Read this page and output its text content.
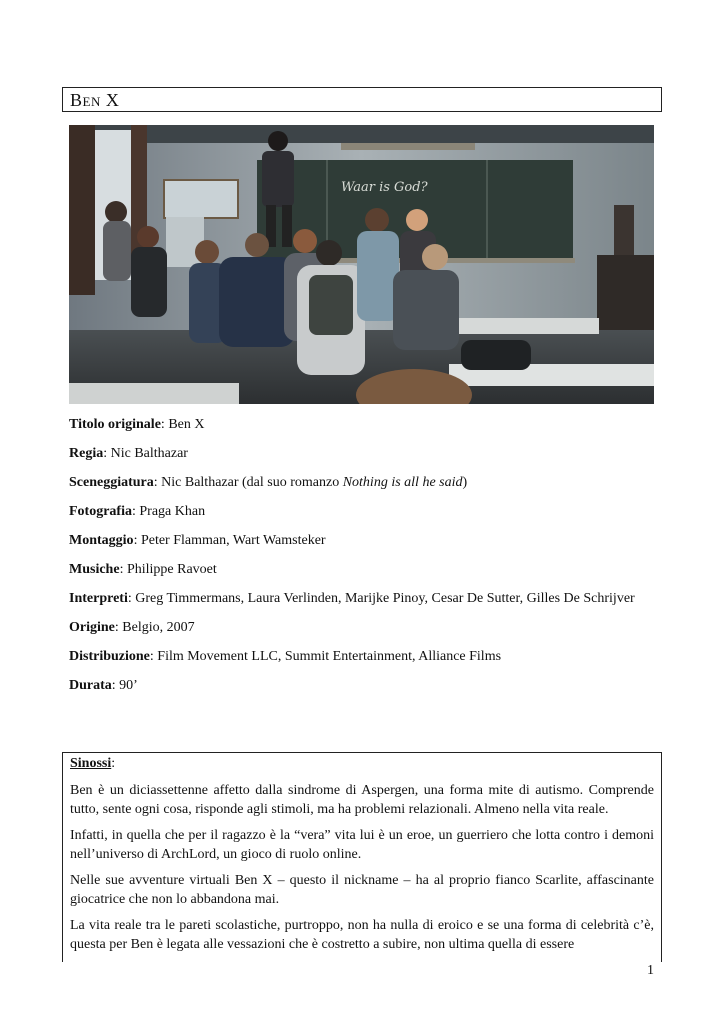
Ben X
Waar is God?

Titolo originale: Ben X

Regia: Nic Balthazar

Sceneggiatura: Nic Balthazar (dal suo romanzo Nothing is all he said)

Fotografia: Praga Khan

Montaggio: Peter Flamman, Wart Wamsteker

Musiche: Philippe Ravoet

Interpreti: Greg Timmermans, Laura Verlinden, Marijke Pinoy, Cesar De Sutter, Gilles De Schrijver

Origine: Belgio, 2007

Distribuzione: Film Movement LLC, Summit Entertainment, Alliance Films

Durata: 90’

Sinossi:

Ben è un diciassettenne affetto dalla sindrome di Aspergen, una forma mite di autismo. Comprende tutto, sente ogni cosa, risponde agli stimoli, ma ha problemi relazionali. Almeno nella vita reale.

Infatti, in quella che per il ragazzo è la “vera” vita lui è un eroe, un guerriero che lotta contro i demoni nell’universo di ArchLord, un gioco di ruolo online.

Nelle sue avventure virtuali Ben X – questo il nickname – ha al proprio fianco Scarlite, affascinante giocatrice che non lo abbandona mai.

La vita reale tra le pareti scolastiche, purtroppo, non ha nulla di eroico e se una forma di celebrità c’è, questa per Ben è legata alle vessazioni che è costretto a subire, non ultima quella di essere

1
